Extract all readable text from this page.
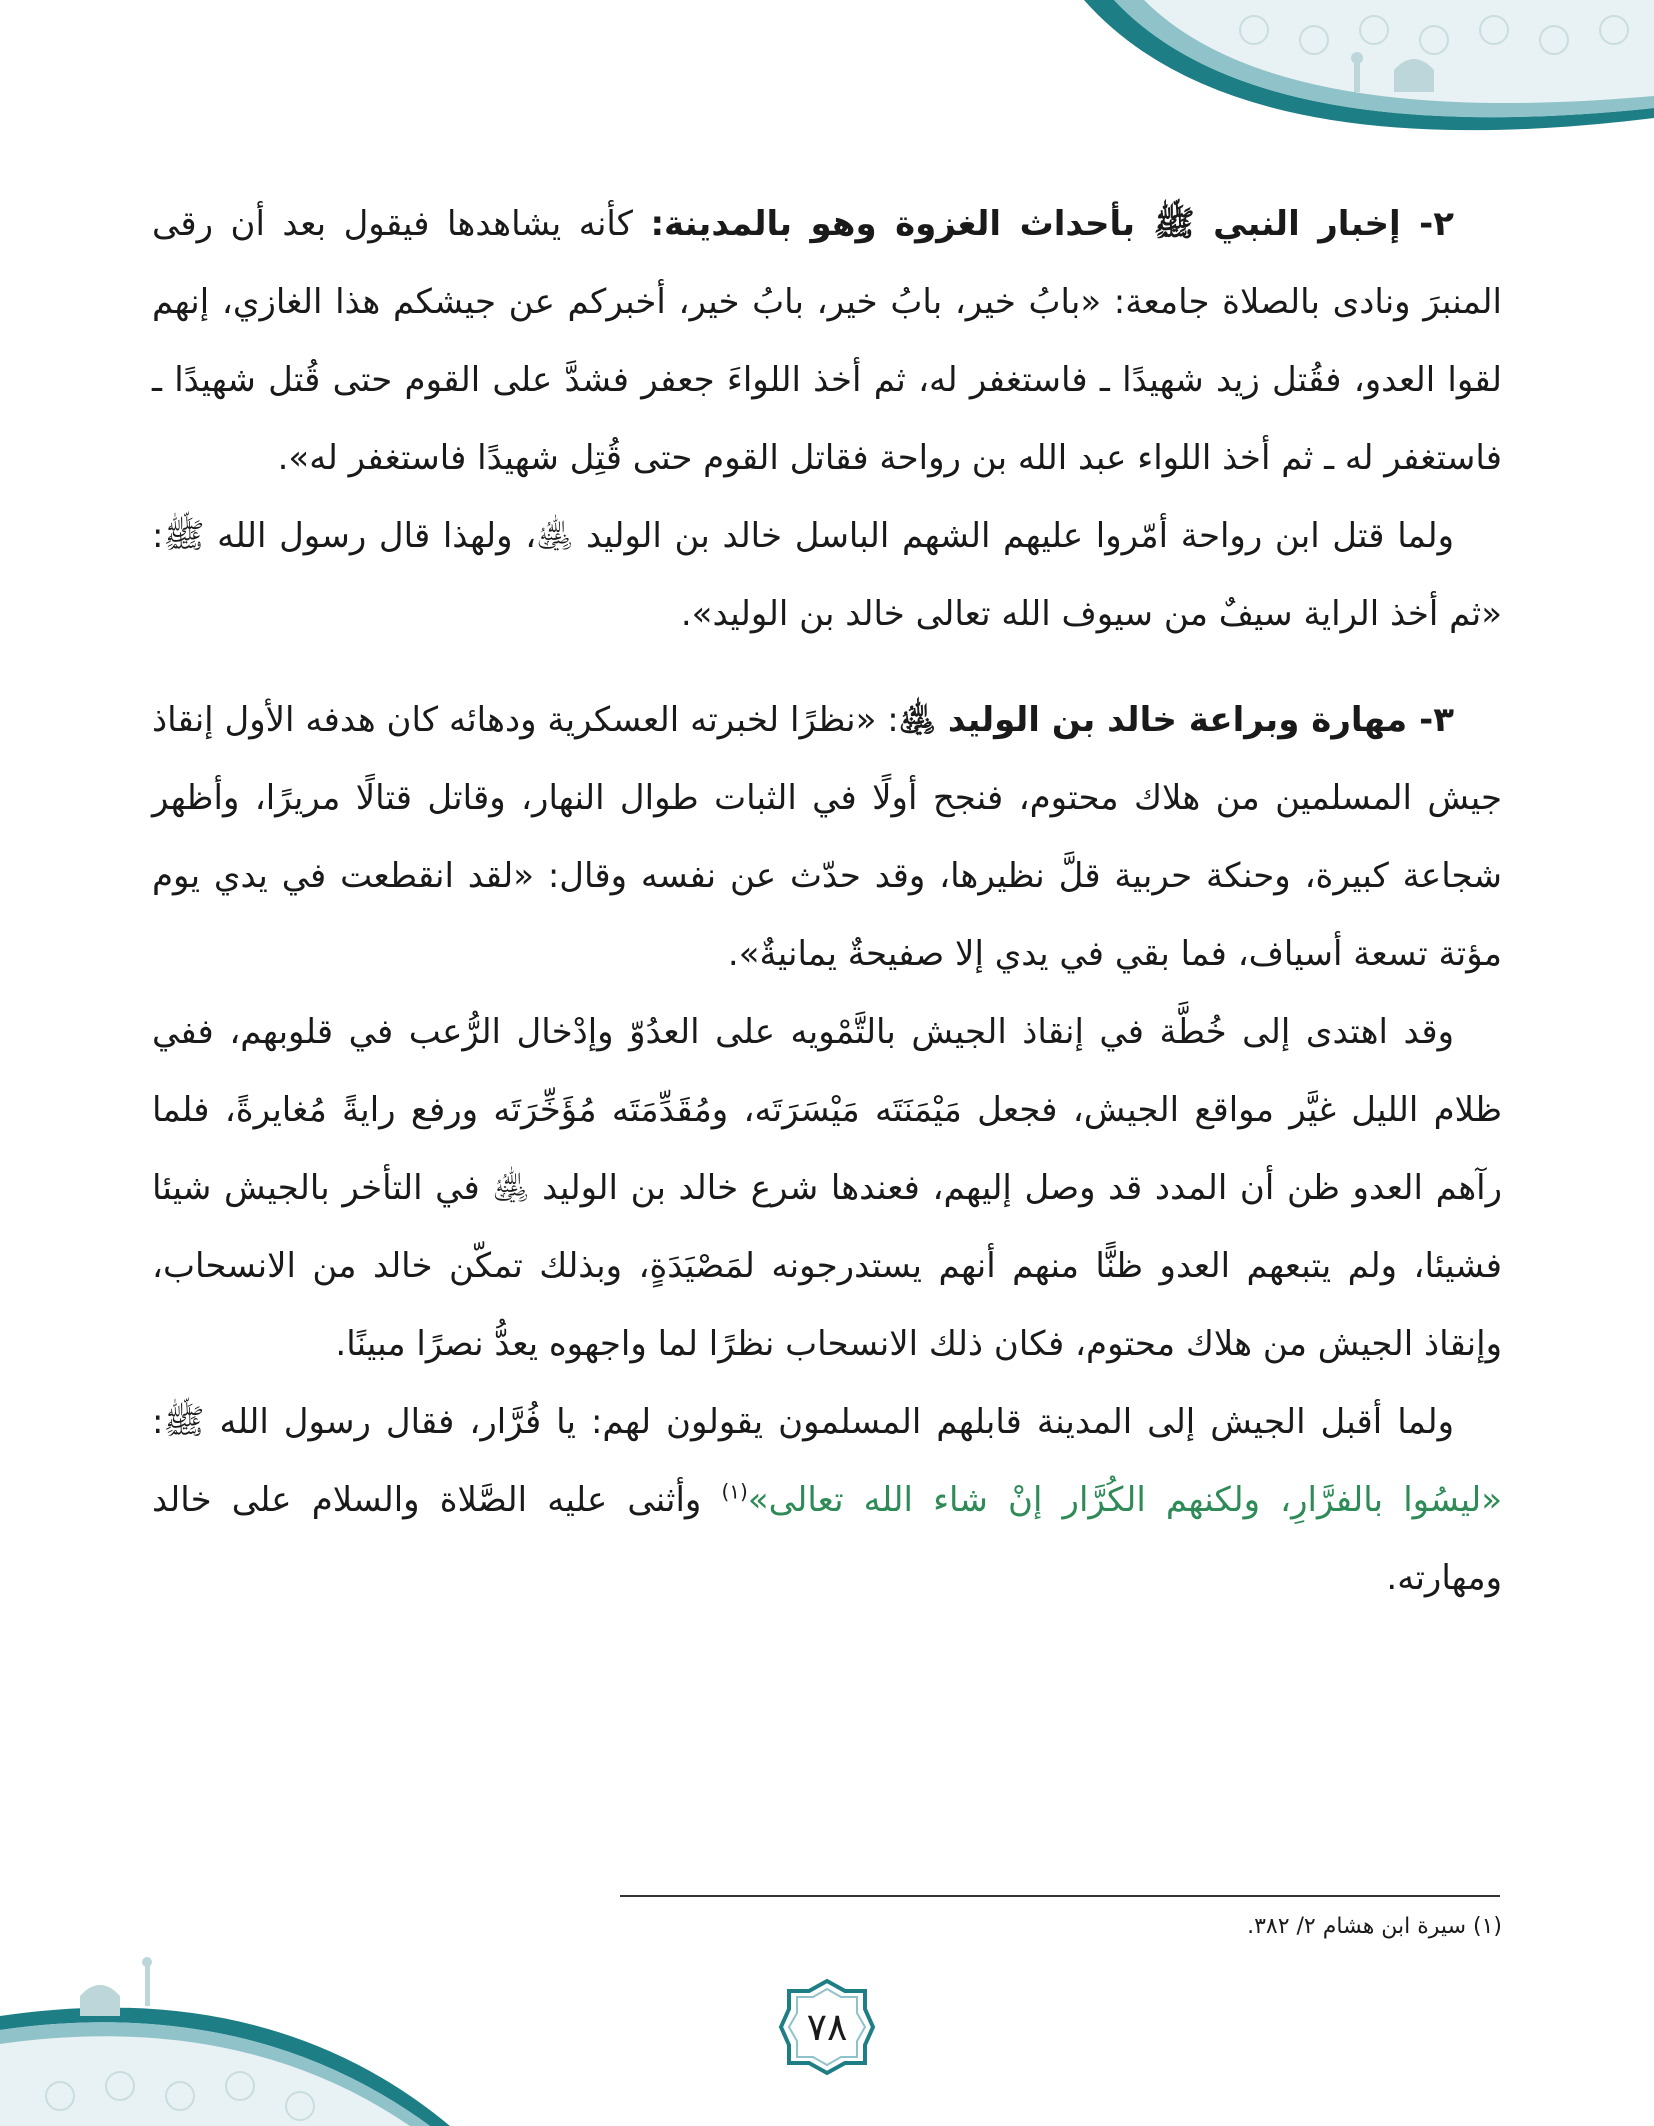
٢- إخبار النبي ﷺ بأحداث الغزوة وهو بالمدينة: كأنه يشاهدها فيقول بعد أن رقى المنبرَ ونادى بالصلاة جامعة: «بابُ خير، بابُ خير، بابُ خير، أخبركم عن جيشكم هذا الغازي، إنهم لقوا العدو، فقُتل زيد شهيدًا ـ فاستغفر له، ثم أخذ اللواءَ جعفر فشدَّ على القوم حتى قُتل شهيدًا ـ فاستغفر له ـ ثم أخذ اللواء عبد الله بن رواحة فقاتل القوم حتى قُتِل شهيدًا فاستغفر له».

ولما قتل ابن رواحة أمّروا عليهم الشهم الباسل خالد بن الوليد ﵁، ولهذا قال رسول الله ﷺ: «ثم أخذ الراية سيفٌ من سيوف الله تعالى خالد بن الوليد».

٣- مهارة وبراعة خالد بن الوليد ﵁: «نظرًا لخبرته العسكرية ودهائه كان هدفه الأول إنقاذ جيش المسلمين من هلاك محتوم، فنجح أولًا في الثبات طوال النهار، وقاتل قتالًا مريرًا، وأظهر شجاعة كبيرة، وحنكة حربية قلَّ نظيرها، وقد حدّث عن نفسه وقال: «لقد انقطعت في يدي يوم مؤتة تسعة أسياف، فما بقي في يدي إلا صفيحةٌ يمانيةٌ».

وقد اهتدى إلى خُطَّة في إنقاذ الجيش بالتَّمْويه على العدُوّ وإدْخال الرُّعب في قلوبهم، ففي ظلام الليل غيَّر مواقع الجيش، فجعل مَيْمَنَتَه مَيْسَرَتَه، ومُقَدِّمَتَه مُؤَخِّرَتَه ورفع رايةً مُغايرةً، فلما رآهم العدو ظن أن المدد قد وصل إليهم، فعندها شرع خالد بن الوليد ﵁ في التأخر بالجيش شيئا فشيئا، ولم يتبعهم العدو ظنًّا منهم أنهم يستدرجونه لمَصْيَدَةٍ، وبذلك تمكّن خالد من الانسحاب، وإنقاذ الجيش من هلاك محتوم، فكان ذلك الانسحاب نظرًا لما واجهوه يعدُّ نصرًا مبينًا.

ولما أقبل الجيش إلى المدينة قابلهم المسلمون يقولون لهم: يا فُرَّار، فقال رسول الله ﷺ: «ليسُوا بالفرَّارِ، ولكنهم الكُرَّار إنْ شاء الله تعالى»$^{(١)}$ وأثنى عليه الصَّلاة والسلام على خالد ومهارته.

(١) سيرة ابن هشام ٢/ ٣٨٢.
٧٨
